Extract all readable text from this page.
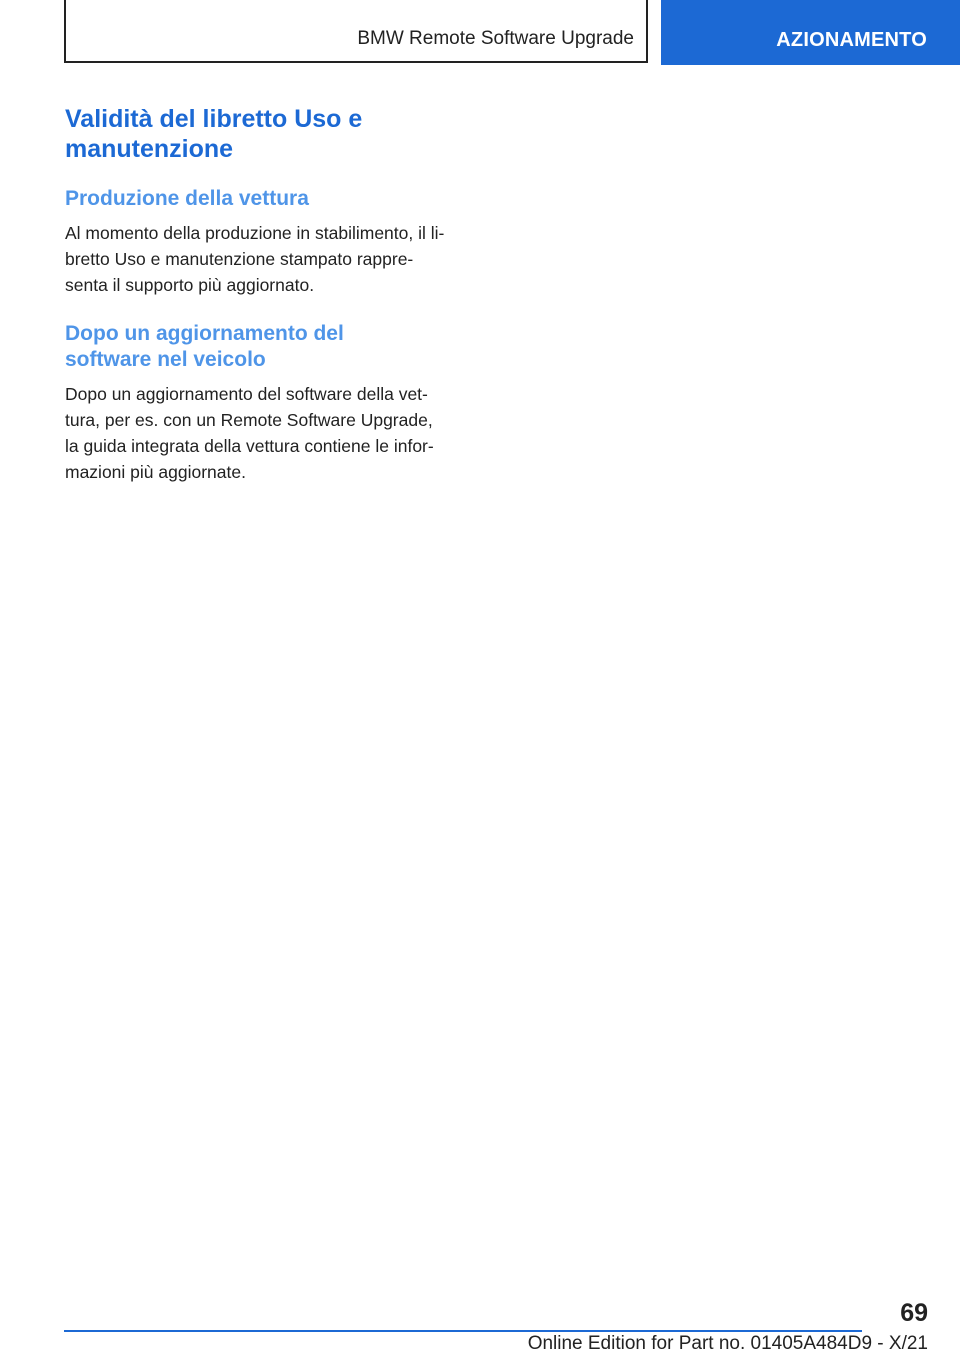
BMW Remote Software Upgrade	AZIONAMENTO
Validità del libretto Uso e
manutenzione
Produzione della vettura

Al momento della produzione in stabilimento, il li-
bretto Uso e manutenzione stampato rappre-
senta il supporto più aggiornato.

Dopo un aggiornamento del
software nel veicolo

Dopo un aggiornamento del software della vet-
tura, per es. con un Remote Software Upgrade,
la guida integrata della vettura contiene le infor-
mazioni più aggiornate.

69
Online Edition for Part no. 01405A484D9 - X/21
